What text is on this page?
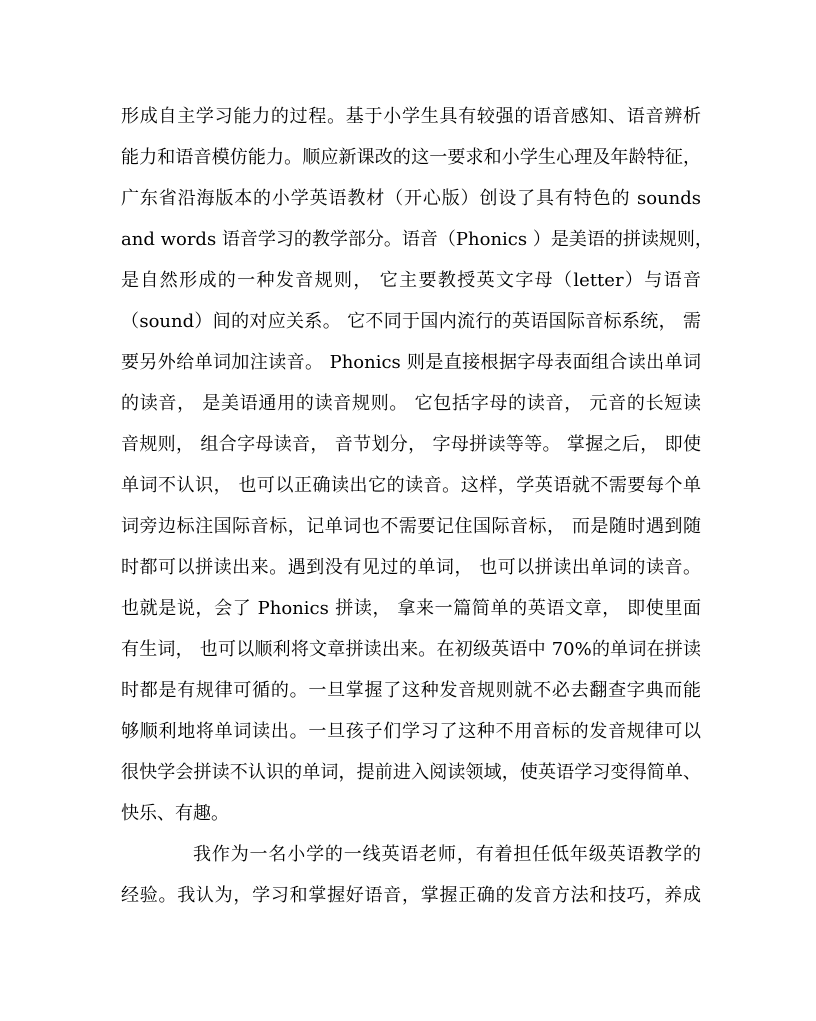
形成自主学习能力的过程。基于小学生具有较强的语音感知、语音辨析
能力和语音模仿能力。顺应新课改的这一要求和小学生心理及年龄特征，
广东省沿海版本的小学英语教材（开心版）创设了具有特色的 sounds
and words 语音学习的教学部分。语音（Phonics ）是美语的拼读规则，
是自然形成的一种发音规则， 它主要教授英文字母（letter）与语音
（sound）间的对应关系。 它不同于国内流行的英语国际音标系统， 需
要另外给单词加注读音。 Phonics 则是直接根据字母表面组合读出单词
的读音， 是美语通用的读音规则。 它包括字母的读音， 元音的长短读
音规则， 组合字母读音， 音节划分， 字母拼读等等。 掌握之后， 即使
单词不认识， 也可以正确读出它的读音。这样，学英语就不需要每个单
词旁边标注国际音标，记单词也不需要记住国际音标， 而是随时遇到随
时都可以拼读出来。遇到没有见过的单词， 也可以拼读出单词的读音。
也就是说，会了 Phonics 拼读， 拿来一篇简单的英语文章， 即使里面
有生词， 也可以顺利将文章拼读出来。在初级英语中 70%的单词在拼读
时都是有规律可循的。一旦掌握了这种发音规则就不必去翻查字典而能
够顺利地将单词读出。一旦孩子们学习了这种不用音标的发音规律可以
很快学会拼读不认识的单词，提前进入阅读领域，使英语学习变得简单、
快乐、有趣。
我作为一名小学的一线英语老师，有着担任低年级英语教学的
经验。我认为，学习和掌握好语音，掌握正确的发音方法和技巧，养成
